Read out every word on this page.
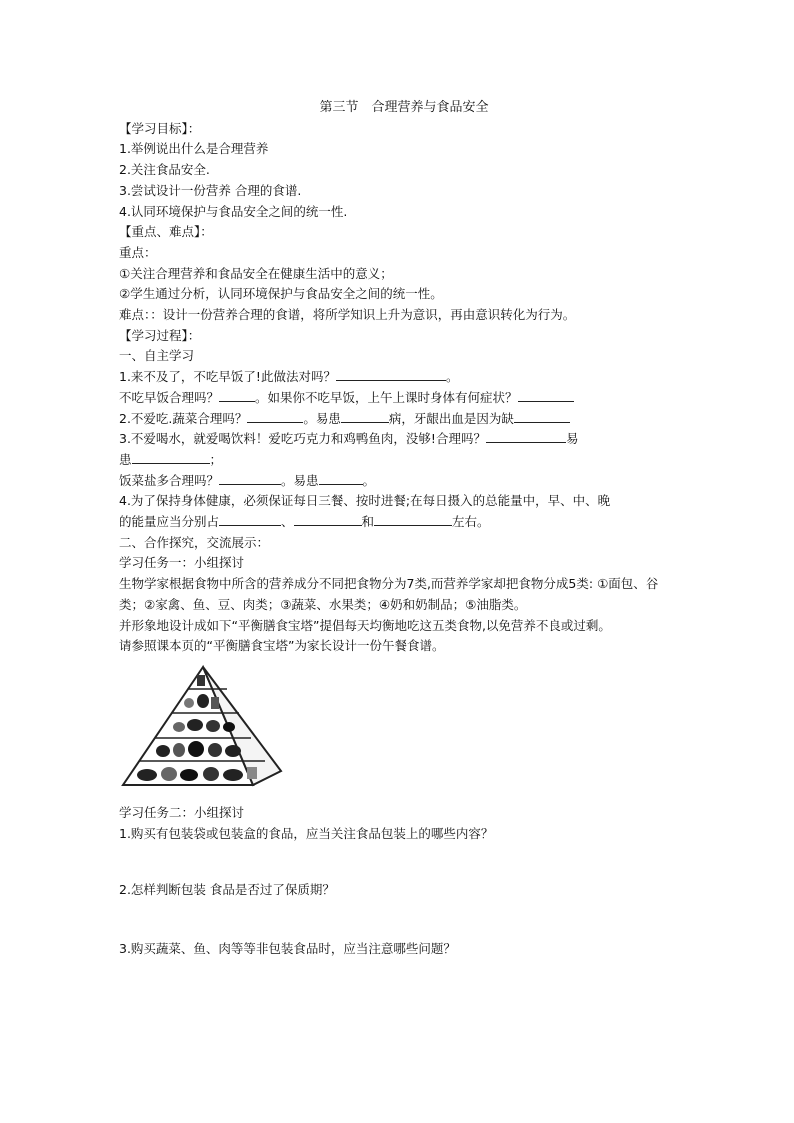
第三节　合理营养与食品安全
【学习目标】：
1.举例说出什么是合理营养
2.关注食品安全.
3.尝试设计一份营养 合理的食谱.
4.认同环境保护与食品安全之间的统一性.
【重点、难点】：
重点：
①关注合理营养和食品安全在健康生活中的意义；
②学生通过分析，认同环境保护与食品安全之间的统一性。
难点：：设计一份营养合理的食谱，将所学知识上升为意识，再由意识转化为行为。
【学习过程】：
一、自主学习
1.来不及了，不吃早饭了!此做法对吗？	。
不吃早饭合理吗？	。如果你不吃早饭，上午上课时身体有何症状？
2.不爱吃.蔬菜合理吗？	。易患	病，牙龈出血是因为缺
3.不爱喝水，就爱喝饮料！爱吃巧克力和鸡鸭鱼肉，没够!合理吗？	易
患	；
饭菜盐多合理吗？	。易患	。
4.为了保持身体健康，必须保证每日三餐、按时进餐;在每日摄入的总能量中，早、中、晚
的能量应当分别占	、	和	左右。
二、合作探究，交流展示：
学习任务一：小组探讨
生物学家根据食物中所含的营养成分不同把食物分为7类,而营养学家却把食物分成5类: ①面包、谷类；②家禽、鱼、豆、肉类；③蔬菜、水果类；④奶和奶制品；⑤油脂类。
并形象地设计成如下“平衡膳食宝塔”提倡每天均衡地吃这五类食物,以免营养不良或过剩。
请参照课本页的“平衡膳食宝塔”为家长设计一份午餐食谱。
学习任务二：小组探讨
1.购买有包装袋或包装盒的食品，应当关注食品包装上的哪些内容？
2.怎样判断包装 食品是否过了保质期？
3.购买蔬菜、鱼、肉等等非包装食品时，应当注意哪些问题？
